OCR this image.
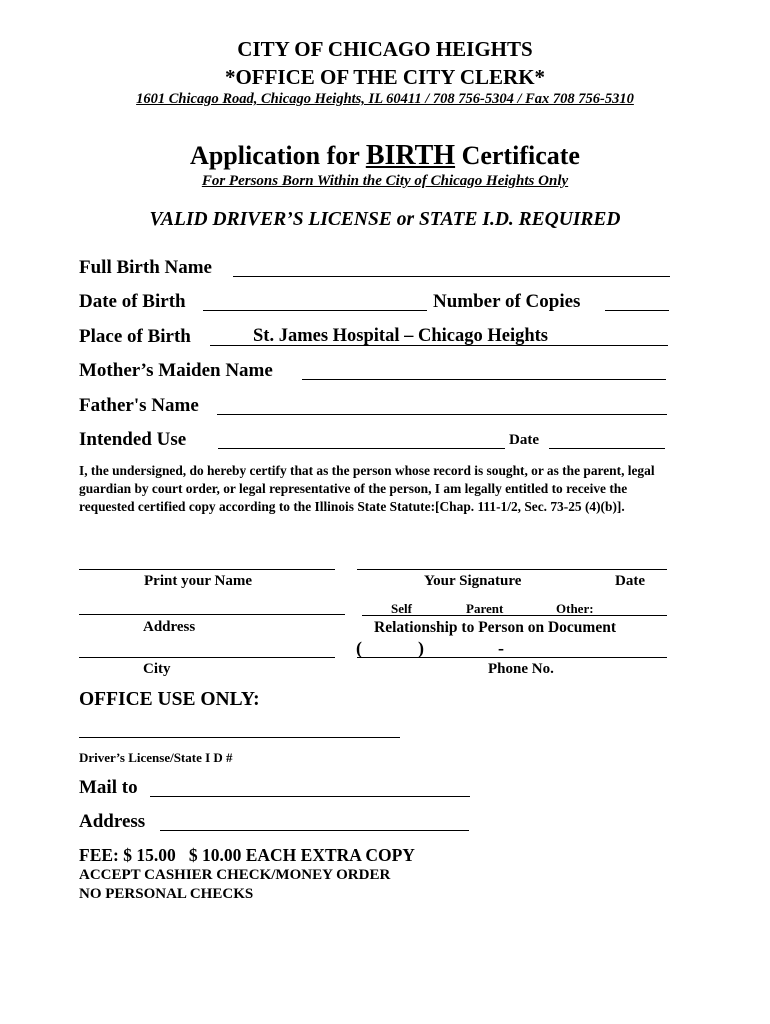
CITY OF CHICAGO HEIGHTS
*OFFICE OF THE CITY CLERK*
1601 Chicago Road, Chicago Heights, IL 60411 / 708 756-5304 / Fax 708 756-5310
Application for BIRTH Certificate
For Persons Born Within the City of Chicago Heights Only
VALID DRIVER’S LICENSE or STATE I.D. REQUIRED
Full Birth Name
Date of Birth	Number of Copies
Place of Birth	St. James Hospital – Chicago Heights
Mother’s Maiden Name
Father's Name
Intended Use	Date
I, the undersigned, do hereby certify that as the person whose record is sought, or as the parent, legal guardian by court order, or legal representative of the person, I am legally entitled to receive the requested certified copy according to the Illinois State Statute:[Chap. 111-1/2, Sec. 73-25 (4)(b)].
Print your Name	Your Signature	Date
Self	Parent	Other:
Address	Relationship to Person on Document
(	)	-
City	Phone No.
OFFICE USE ONLY:
Driver’s License/State I D #
Mail to
Address
FEE: $ 15.00   $ 10.00 EACH EXTRA COPY
ACCEPT CASHIER CHECK/MONEY ORDER
NO PERSONAL CHECKS
